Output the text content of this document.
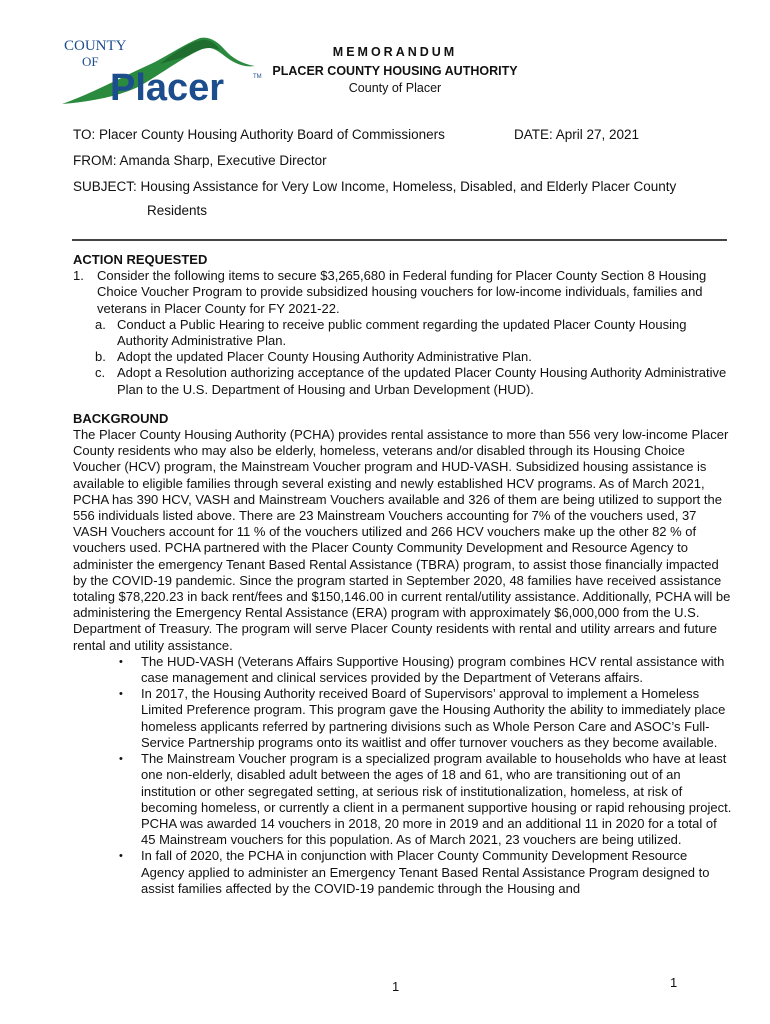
COUNTY
OF
Placer	TM
MEMORANDUM
PLACER COUNTY HOUSING AUTHORITY
County of Placer
TO: Placer County Housing Authority Board of Commissioners	DATE: April 27, 2021
FROM: Amanda Sharp, Executive Director
SUBJECT: Housing Assistance for Very Low Income, Homeless, Disabled, and Elderly Placer County
Residents
ACTION REQUESTED
1.	Consider the following items to secure $3,265,680 in Federal funding for Placer County Section 8 Housing Choice Voucher Program to provide subsidized housing vouchers for low-income individuals, families and veterans in Placer County for FY 2021-22.
a. Conduct a Public Hearing to receive public comment regarding the updated Placer County Housing Authority Administrative Plan.
b. Adopt the updated Placer County Housing Authority Administrative Plan.
c. Adopt a Resolution authorizing acceptance of the updated Placer County Housing Authority Administrative Plan to the U.S. Department of Housing and Urban Development (HUD).
BACKGROUND

The Placer County Housing Authority (PCHA) provides rental assistance to more than 556 very low-income Placer County residents who may also be elderly, homeless, veterans and/or disabled through its Housing Choice Voucher (HCV) program, the Mainstream Voucher program and HUD-VASH. Subsidized housing assistance is available to eligible families through several existing and newly established HCV programs. As of March 2021, PCHA has 390 HCV, VASH and Mainstream Vouchers available and 326 of them are being utilized to support the 556 individuals listed above. There are 23 Mainstream Vouchers accounting for 7% of the vouchers used, 37 VASH Vouchers account for 11 % of the vouchers utilized and 266 HCV vouchers make up the other 82 % of vouchers used. PCHA partnered with the Placer County Community Development and Resource Agency to administer the emergency Tenant Based Rental Assistance (TBRA) program, to assist those financially impacted by the COVID-19 pandemic. Since the program started in September 2020, 48 families have received assistance totaling $78,220.23 in back rent/fees and $150,146.00 in current rental/utility assistance. Additionally, PCHA will be administering the Emergency Rental Assistance (ERA) program with approximately $6,000,000 from the U.S. Department of Treasury. The program will serve Placer County residents with rental and utility arrears and future rental and utility assistance.

•	The HUD-VASH (Veterans Affairs Supportive Housing) program combines HCV rental assistance with case management and clinical services provided by the Department of Veterans affairs.
•	In 2017, the Housing Authority received Board of Supervisors’ approval to implement a Homeless Limited Preference program. This program gave the Housing Authority the ability to immediately place homeless applicants referred by partnering divisions such as Whole Person Care and ASOC’s Full-Service Partnership programs onto its waitlist and offer turnover vouchers as they become available.
•	The Mainstream Voucher program is a specialized program available to households who have at least one non-elderly, disabled adult between the ages of 18 and 61, who are transitioning out of an institution or other segregated setting, at serious risk of institutionalization, homeless, at risk of becoming homeless, or currently a client in a permanent supportive housing or rapid rehousing project. PCHA was awarded 14 vouchers in 2018, 20 more in 2019 and an additional 11 in 2020 for a total of 45 Mainstream vouchers for this population. As of March 2021, 23 vouchers are being utilized.
•	In fall of 2020, the PCHA in conjunction with Placer County Community Development Resource Agency applied to administer an Emergency Tenant Based Rental Assistance Program designed to assist families affected by the COVID-19 pandemic through the Housing and
1	1
